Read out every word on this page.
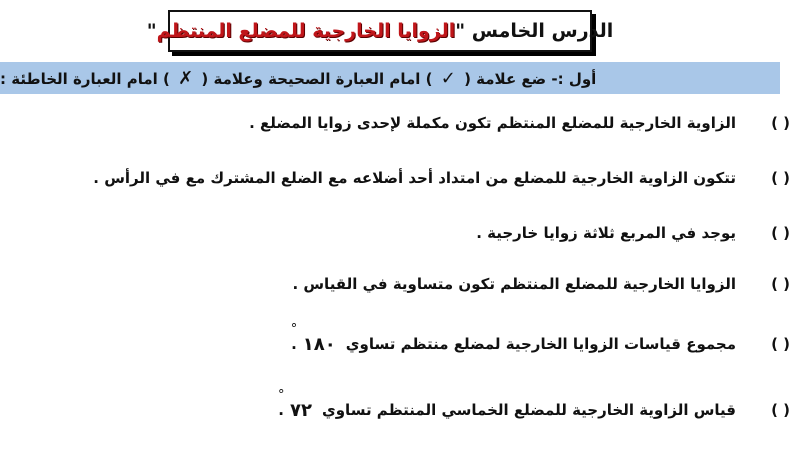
الدرس الخامس "
الزوايا الخارجية للمضلع المنتظم
"
أول :- ضع علامة ( ✓ ) امام العبارة الصحيحة وعلامة ( ✗ ) امام العبارة الخاطئة :
( )
الزاوية الخارجية للمضلع المنتظم تكون مكملة لإحدى زوايا المضلع .
( )
تتكون الزاوية الخارجية للمضلع من امتداد أحد أضلاعه مع الضلع المشترك مع في الرأس .
( )
يوجد في المربع ثلاثة زوايا خارجية .
( )
الزوايا الخارجية للمضلع المنتظم تكون متساوية في القياس .
( )
مجموع قياسات الزوايا الخارجية لمضلع منتظم تساوي
١٨٠
°
.
( )
قياس الزاوية الخارجية للمضلع الخماسي المنتظم تساوي
٧٢
°
.
